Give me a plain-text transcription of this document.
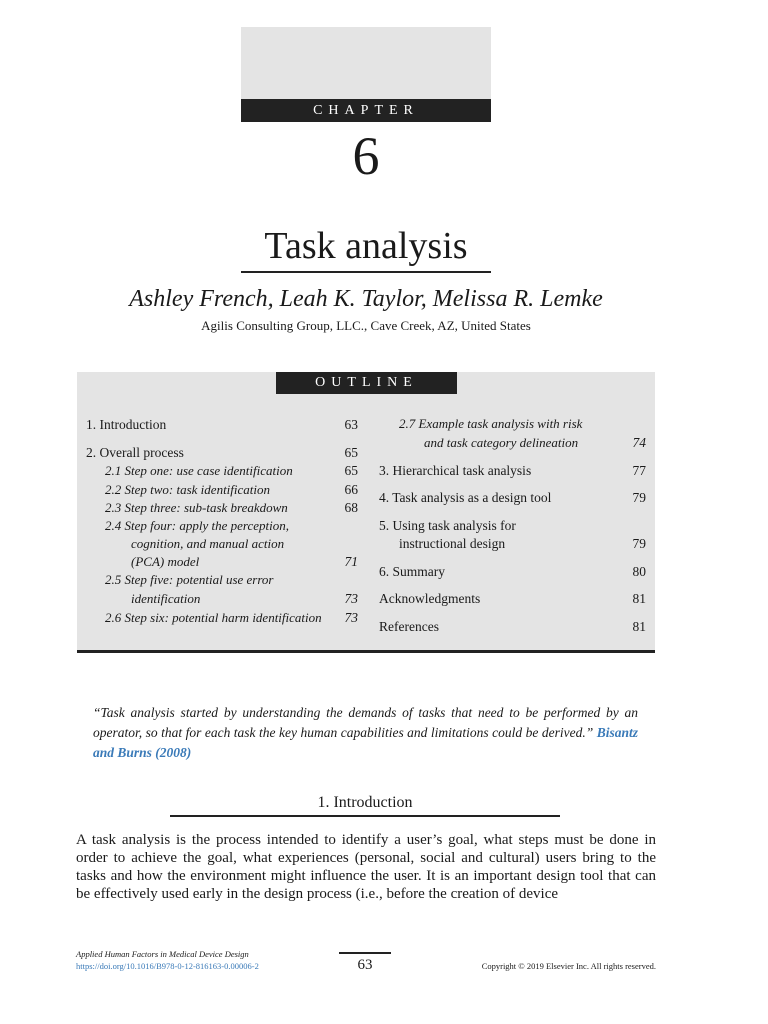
CHAPTER
6
Task analysis
Ashley French, Leah K. Taylor, Melissa R. Lemke
Agilis Consulting Group, LLC., Cave Creek, AZ, United States
1. Introduction	63
2. Overall process	65
2.1 Step one: use case identification	65
2.2 Step two: task identification	66
2.3 Step three: sub-task breakdown	68
2.4 Step four: apply the perception,
cognition, and manual action
(PCA) model	71
2.5 Step five: potential use error
identification	73
2.6 Step six: potential harm identification	73
2.7 Example task analysis with risk
and task category delineation	74
3. Hierarchical task analysis	77
4. Task analysis as a design tool	79
5. Using task analysis for
instructional design	79
6. Summary	80
Acknowledgments	81
References	81
OUTLINE
“Task analysis started by understanding the demands of tasks that need to be performed by an operator, so that for each task the key human capabilities and limitations could be derived.” Bisantz and Burns (2008)
1. Introduction
A task analysis is the process intended to identify a user’s goal, what steps must be done in order to achieve the goal, what experiences (personal, social and cultural) users bring to the tasks and how the environment might influence the user. It is an important design tool that can be effectively used early in the design process (i.e., before the creation of device
Applied Human Factors in Medical Device Design
https://doi.org/10.1016/B978-0-12-816163-0.00006-2	63	Copyright © 2019 Elsevier Inc. All rights reserved.
